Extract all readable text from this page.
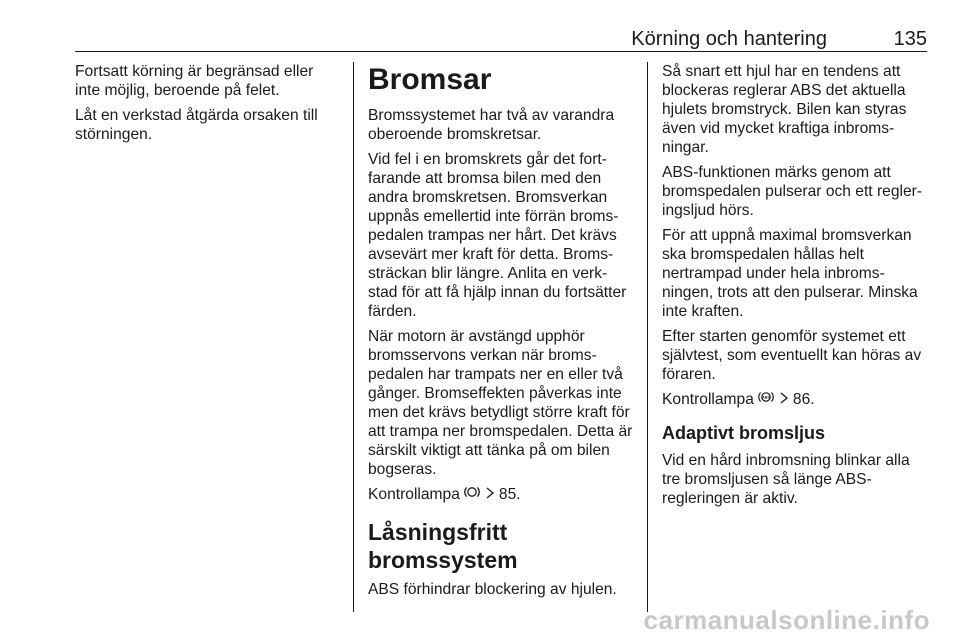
Körning och hantering	135

Fortsatt körning är begränsad eller inte möjlig, beroende på felet.

Låt en verkstad åtgärda orsaken till störningen.

Bromsar

Bromssystemet har två av varandra oberoende bromskretsar.

Vid fel i en bromskrets går det fort- farande att bromsa bilen med den andra bromskretsen. Bromsverkan uppnås emellertid inte förrän broms- pedalen trampas ner hårt. Det krävs avsevärt mer kraft för detta. Broms- sträckan blir längre. Anlita en verk- stad för att få hjälp innan du fortsätter färden.

När motorn är avstängd upphör bromsservons verkan när broms- pedalen har trampats ner en eller två gånger. Bromseffekten påverkas inte men det krävs betydligt större kraft för att trampa ner bromspedalen. Detta är särskilt viktigt att tänka på om bilen bogseras.

Kontrollampa	85.

Låsningsfritt bromssystem

ABS förhindrar blockering av hjulen.

Så snart ett hjul har en tendens att blockeras reglerar ABS det aktuella hjulets bromstryck. Bilen kan styras även vid mycket kraftiga inbroms- ningar.

ABS-funktionen märks genom att bromspedalen pulserar och ett regler- ingsljud hörs.

För att uppnå maximal bromsverkan ska bromspedalen hållas helt nertrampad under hela inbroms- ningen, trots att den pulserar. Minska inte kraften.

Efter starten genomför systemet ett självtest, som eventuellt kan höras av föraren.

Kontrollampa ABS 86.

Adaptivt bromsljus

Vid en hård inbromsning blinkar alla tre bromsljusen så länge ABS-regleringen är aktiv.

carmanualsonline.info
